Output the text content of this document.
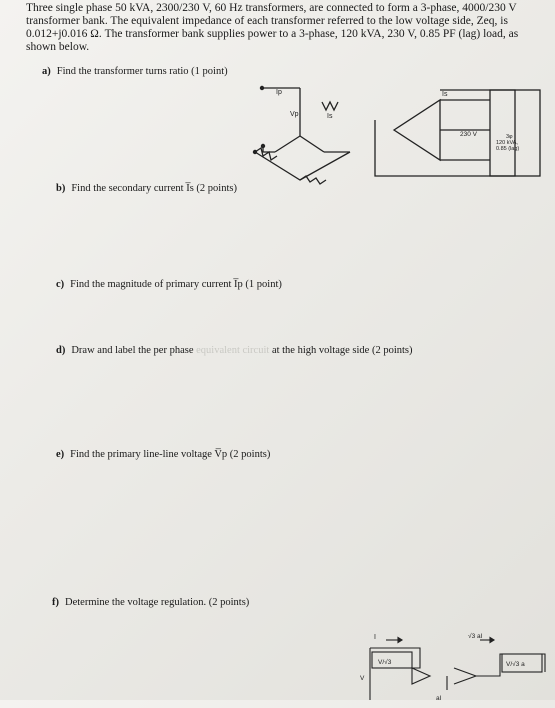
Three single phase 50 kVA, 2300/230 V, 60 Hz transformers, are connected to form a 3-phase, 4000/230 V
transformer bank. The equivalent impedance of each transformer referred to the low voltage side, Zeq, is
0.012+j0.016 Ω. The transformer bank supplies power to a 3-phase, 120 kVA, 230 V, 0.85 PF (lag) load, as
shown below.
a) Find the transformer turns ratio (1 point)
Vp
Ip
Is
Is
230 V	3φ
120 kVA,
0.85 (lag)
b) Find the secondary current I̅s (2 points)
c) Find the magnitude of primary current I̅p (1 point)
d) Draw and label the per phase equivalent circuit at the high voltage side (2 points)
e) Find the primary line-line voltage V̅p (2 points)
f) Determine the voltage regulation. (2 points)
I
V/√3
V
√3 aI
V/√3 a
aI
